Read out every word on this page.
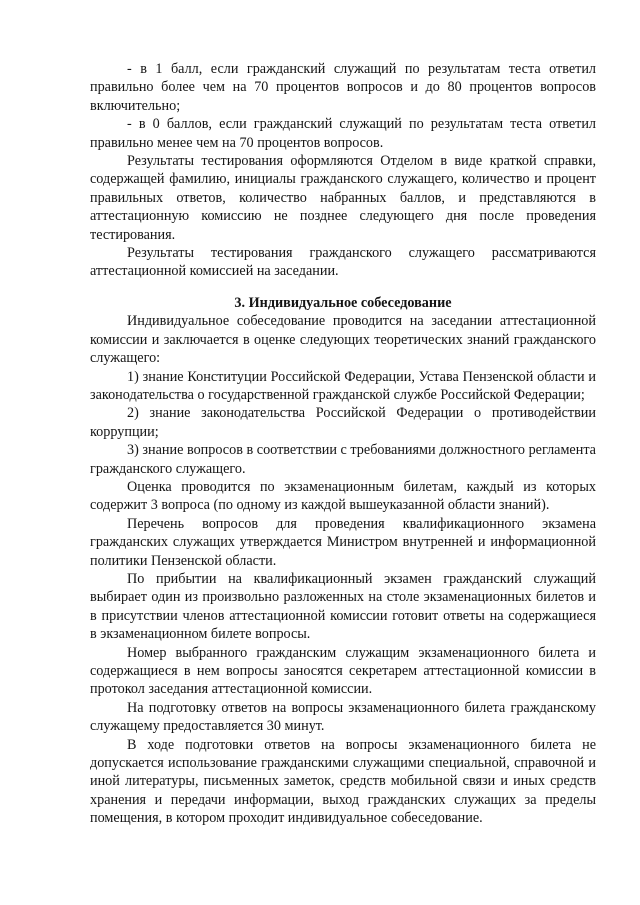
- в 1 балл, если гражданский служащий по результатам теста ответил правильно более чем на 70 процентов вопросов и до 80 процентов вопросов включительно;

- в 0 баллов, если гражданский служащий по результатам теста ответил правильно менее чем на 70 процентов вопросов.

Результаты тестирования оформляются Отделом в виде краткой справки, содержащей фамилию, инициалы гражданского служащего, количество и процент правильных ответов, количество набранных баллов, и представляются в аттестационную комиссию не позднее следующего дня после проведения тестирования.

Результаты тестирования гражданского служащего рассматриваются аттестационной комиссией на заседании.

3. Индивидуальное собеседование

Индивидуальное собеседование проводится на заседании аттестационной комиссии и заключается в оценке следующих теоретических знаний гражданского служащего:

1) знание Конституции Российской Федерации, Устава Пензенской области и законодательства о государственной гражданской службе Российской Федерации;

2) знание законодательства Российской Федерации о противодействии коррупции;

3) знание вопросов в соответствии с требованиями должностного регламента гражданского служащего.

Оценка проводится по экзаменационным билетам, каждый из которых содержит 3 вопроса (по одному из каждой вышеуказанной области знаний).

Перечень вопросов для проведения квалификационного экзамена гражданских служащих утверждается Министром внутренней и информационной политики Пензенской области.

По прибытии на квалификационный экзамен гражданский служащий выбирает один из произвольно разложенных на столе экзаменационных билетов и в присутствии членов аттестационной комиссии готовит ответы на содержащиеся в экзаменационном билете вопросы.

Номер выбранного гражданским служащим экзаменационного билета и содержащиеся в нем вопросы заносятся секретарем аттестационной комиссии в протокол заседания аттестационной комиссии.

На подготовку ответов на вопросы экзаменационного билета гражданскому служащему предоставляется 30 минут.

В ходе подготовки ответов на вопросы экзаменационного билета не допускается использование гражданскими служащими специальной, справочной и иной литературы, письменных заметок, средств мобильной связи и иных средств хранения и передачи информации, выход гражданских служащих за пределы помещения, в котором проходит индивидуальное собеседование.
